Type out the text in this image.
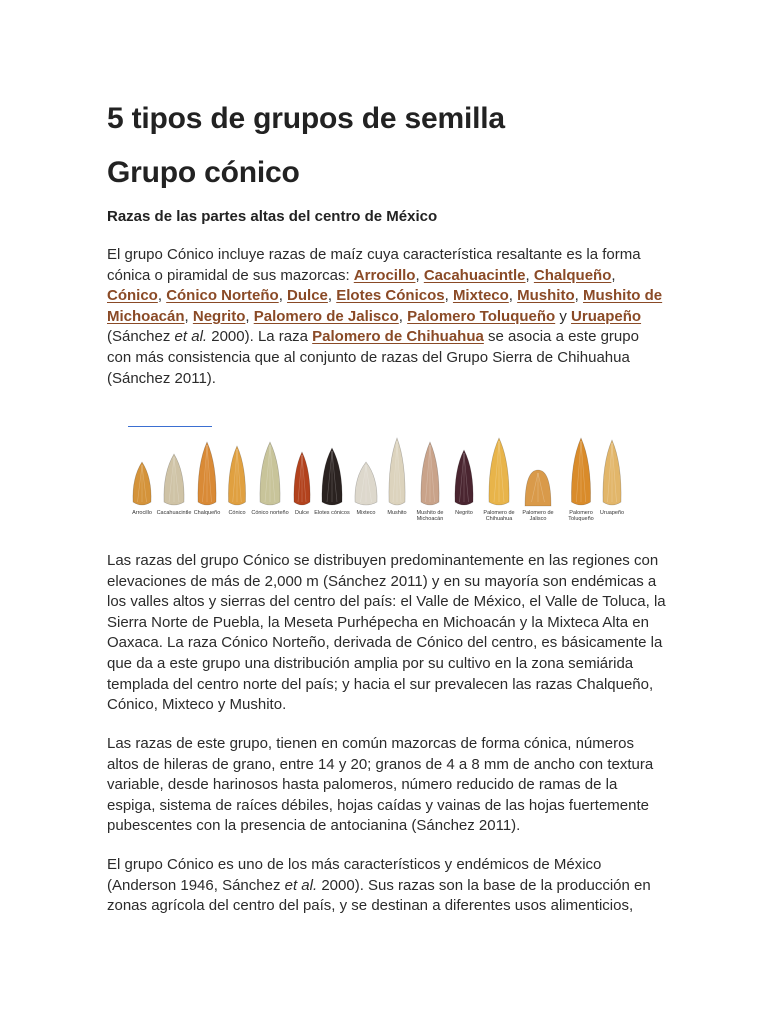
5 tipos de grupos de semilla
Grupo cónico

Razas de las partes altas del centro de México

El grupo Cónico incluye razas de maíz cuya característica resaltante es la forma cónica o piramidal de sus mazorcas: Arrocillo, Cacahuacintle, Chalqueño, Cónico, Cónico Norteño, Dulce, Elotes Cónicos, Mixteco, Mushito, Mushito de Michoacán, Negrito, Palomero de Jalisco, Palomero Toluqueño y Uruapeño (Sánchez et al. 2000). La raza Palomero de Chihuahua se asocia a este grupo con más consistencia que al conjunto de razas del Grupo Sierra de Chihuahua (Sánchez 2011).

Arrocillo Cacahuacintle Chalqueño	Cónico	Cónico norteño	Dulce Elotes cónicos	Mixteco	Mushito	Mushito de Michoacán
Negrito	Palomero de Chihuahua
Palomero de Jalisco
Palomero Toluqueño
Uruapeño

Las razas del grupo Cónico se distribuyen predominantemente en las regiones con elevaciones de más de 2,000 m (Sánchez 2011) y en su mayoría son endémicas a los valles altos y sierras del centro del país: el Valle de México, el Valle de Toluca, la Sierra Norte de Puebla, la Meseta Purhépecha en Michoacán y la Mixteca Alta en Oaxaca. La raza Cónico Norteño, derivada de Cónico del centro, es básicamente la que da a este grupo una distribución amplia por su cultivo en la zona semiárida templada del centro norte del país; y hacia el sur prevalecen las razas Chalqueño, Cónico, Mixteco y Mushito.

Las razas de este grupo, tienen en común mazorcas de forma cónica, números altos de hileras de grano, entre 14 y 20; granos de 4 a 8 mm de ancho con textura variable, desde harinosos hasta palomeros, número reducido de ramas de la espiga, sistema de raíces débiles, hojas caídas y vainas de las hojas fuertemente pubescentes con la presencia de antocianina (Sánchez 2011).

El grupo Cónico es uno de los más característicos y endémicos de México (Anderson 1946, Sánchez et al. 2000). Sus razas son la base de la producción en zonas agrícola del centro del país, y se destinan a diferentes usos alimenticios,
